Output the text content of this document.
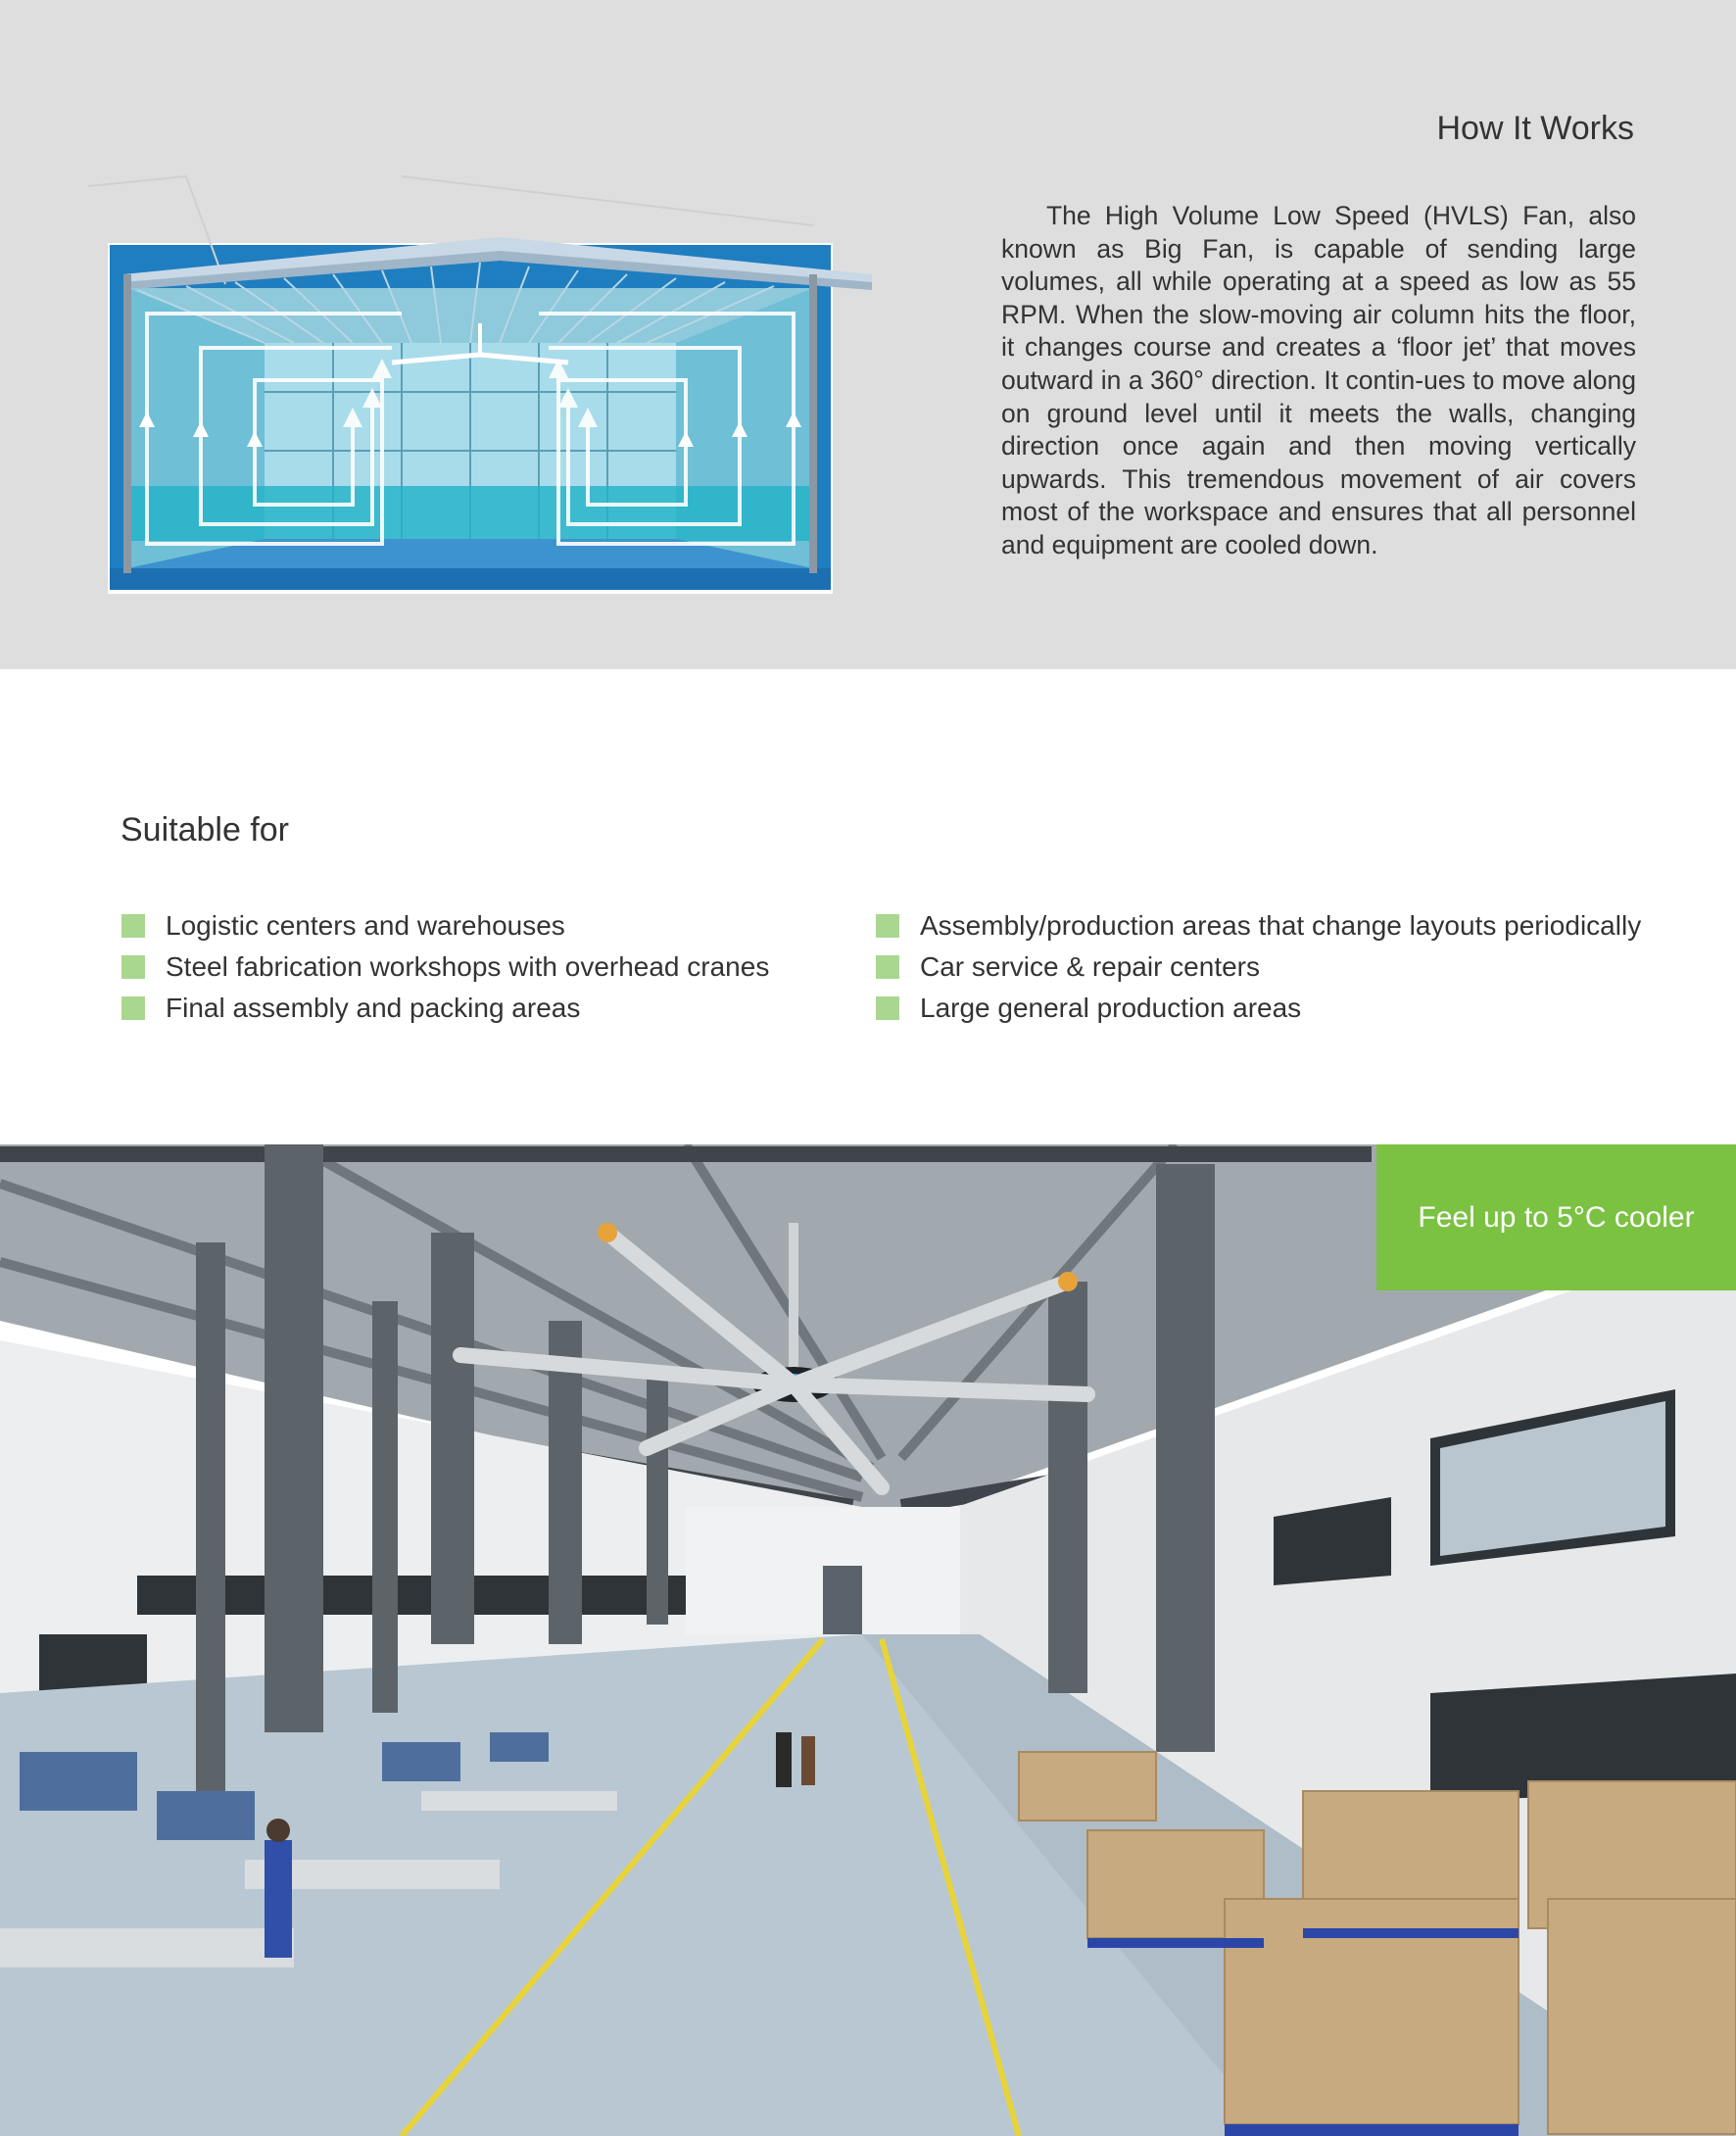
How It Works

The High Volume Low Speed (HVLS) Fan, also known as Big Fan, is capable of sending large volumes, all while operating at a speed as low as 55 RPM. When the slow-moving air column hits the floor, it changes course and creates a ‘floor jet’ that moves outward in a 360° direction. It contin-ues to move along on ground level until it meets the walls, changing direction once again and then moving vertically upwards. This tremendous movement of air covers most of the workspace and ensures that all personnel and equipment are cooled down.

Suitable for
Logistic centers and warehouses
Steel fabrication workshops with overhead cranes
Final assembly and packing areas
Assembly/production areas that change layouts periodically
Car service & repair centers
Large general production areas
Feel up to 5°C cooler
